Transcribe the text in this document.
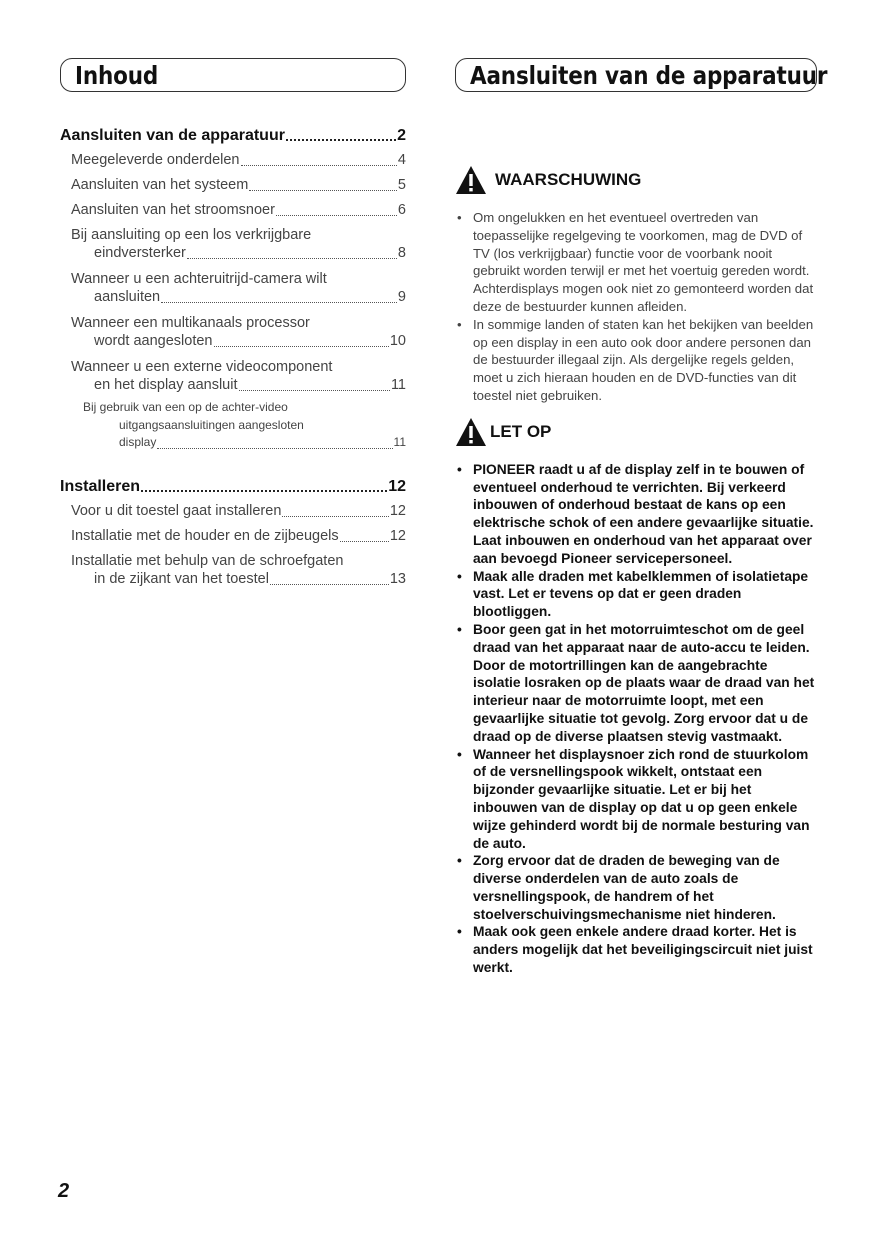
Inhoud
Aansluiten van de apparatuur	2
Meegeleverde onderdelen	4
Aansluiten van het systeem	5
Aansluiten van het stroomsnoer	6
Bij aansluiting op een los verkrijgbare
eindversterker	8
Wanneer u een achteruitrijd-camera wilt
aansluiten	9
Wanneer een multikanaals processor
wordt aangesloten	10
Wanneer u een externe videocomponent
en het display aansluit	11
Bij gebruik van een op de achter-video
uitgangsaansluitingen aangesloten
display	11
Installeren	12
Voor u dit toestel gaat installeren	12
Installatie met de houder en de zijbeugels	12
Installatie met behulp van de schroefgaten
in de zijkant van het toestel	13
Aansluiten van de apparatuur
WAARSCHUWING
• Om ongelukken en het eventueel overtreden van toepasselijke regelgeving te voorkomen, mag de DVD of TV (los verkrijgbaar) functie voor de voorbank nooit gebruikt worden terwijl er met het voertuig gereden wordt. Achterdisplays mogen ook niet zo gemonteerd worden dat deze de bestuurder kunnen afleiden.
• In sommige landen of staten kan het bekijken van beelden op een display in een auto ook door andere personen dan de bestuurder illegaal zijn. Als dergelijke regels gelden, moet u zich hieraan houden en de DVD-functies van dit toestel niet gebruiken.
LET OP
• PIONEER raadt u af de display zelf in te bouwen of eventueel onderhoud te verrichten. Bij verkeerd inbouwen of onderhoud bestaat de kans op een elektrische schok of een andere gevaarlijke situatie. Laat inbouwen en onderhoud van het apparaat over aan bevoegd Pioneer servicepersoneel.
• Maak alle draden met kabelklemmen of isolatietape vast. Let er tevens op dat er geen draden blootliggen.
• Boor geen gat in het motorruimteschot om de geel draad van het apparaat naar de auto-accu te leiden. Door de motortrillingen kan de aangebrachte isolatie losraken op de plaats waar de draad van het interieur naar de motorruimte loopt, met een gevaarlijke situatie tot gevolg. Zorg ervoor dat u de draad op de diverse plaatsen stevig vastmaakt.
• Wanneer het displaysnoer zich rond de stuurkolom of de versnellingspook wikkelt, ontstaat een bijzonder gevaarlijke situatie. Let er bij het inbouwen van de display op dat u op geen enkele wijze gehinderd wordt bij de normale besturing van de auto.
• Zorg ervoor dat de draden de beweging van de diverse onderdelen van de auto zoals de versnellingspook, de handrem of het stoelverschuivingsmechanisme niet hinderen.
• Maak ook geen enkele andere draad korter. Het is anders mogelijk dat het beveiligingscircuit niet juist werkt.
2
